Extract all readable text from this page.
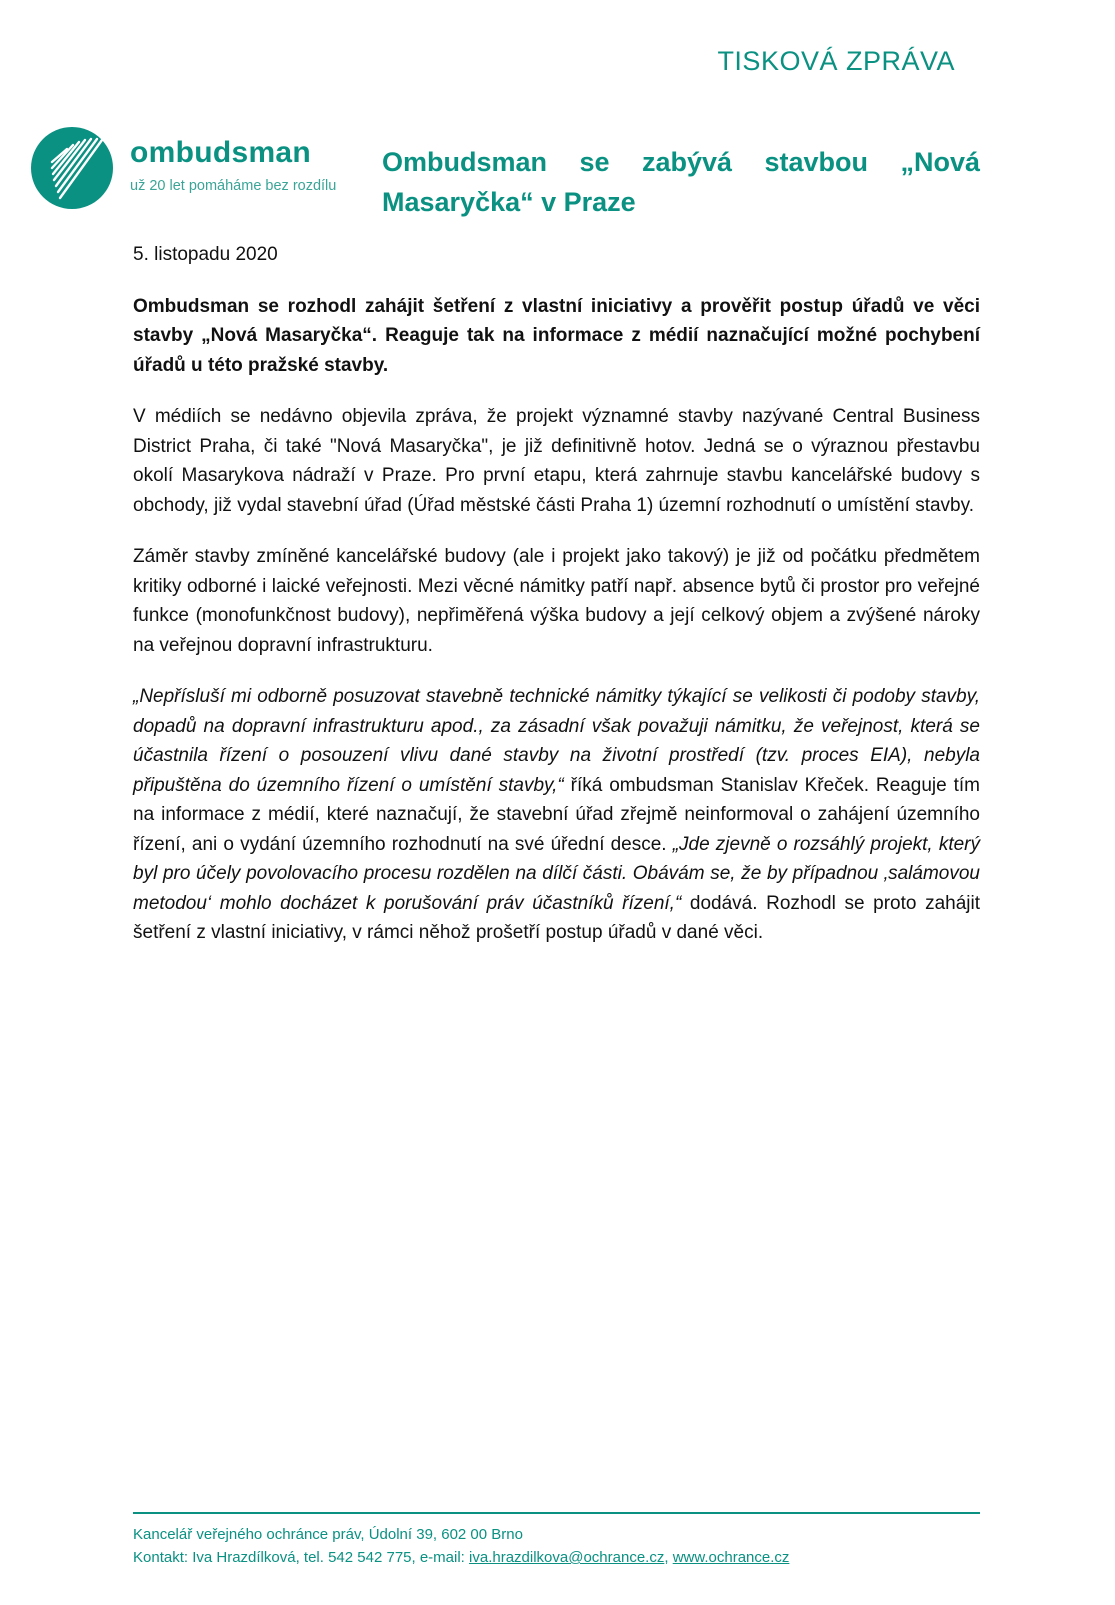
TISKOVÁ ZPRÁVA
ombudsman
už 20 let pomáháme bez rozdílu
Ombudsman se zabývá stavbou „Nová Masaryčka“ v Praze

5. listopadu 2020

Ombudsman se rozhodl zahájit šetření z vlastní iniciativy a prověřit postup úřadů ve věci stavby „Nová Masaryčka“. Reaguje tak na informace z médií naznačující možné pochybení úřadů u této pražské stavby.

V médiích se nedávno objevila zpráva, že projekt významné stavby nazývané Central Business District Praha, či také "Nová Masaryčka", je již definitivně hotov. Jedná se o výraznou přestavbu okolí Masarykova nádraží v Praze. Pro první etapu, která zahrnuje stavbu kancelářské budovy s obchody, již vydal stavební úřad (Úřad městské části Praha 1) územní rozhodnutí o umístění stavby.

Záměr stavby zmíněné kancelářské budovy (ale i projekt jako takový) je již od počátku předmětem kritiky odborné i laické veřejnosti. Mezi věcné námitky patří např. absence bytů či prostor pro veřejné funkce (monofunkčnost budovy), nepřiměřená výška budovy a její celkový objem a zvýšené nároky na veřejnou dopravní infrastrukturu.

„Nepřísluší mi odborně posuzovat stavebně technické námitky týkající se velikosti či podoby stavby, dopadů na dopravní infrastrukturu apod., za zásadní však považuji námitku, že veřejnost, která se účastnila řízení o posouzení vlivu dané stavby na životní prostředí (tzv. proces EIA), nebyla připuštěna do územního řízení o umístění stavby,“ říká ombudsman Stanislav Křeček. Reaguje tím na informace z médií, které naznačují, že stavební úřad zřejmě neinformoval o zahájení územního řízení, ani o vydání územního rozhodnutí na své úřední desce. „Jde zjevně o rozsáhlý projekt, který byl pro účely povolovacího procesu rozdělen na dílčí části. Obávám se, že by případnou ‚salámovou metodou‘ mohlo docházet k porušování práv účastníků řízení,“ dodává. Rozhodl se proto zahájit šetření z vlastní iniciativy, v rámci něhož prošetří postup úřadů v dané věci.

Kancelář veřejného ochránce práv, Údolní 39, 602 00 Brno
Kontakt: Iva Hrazdílková, tel. 542 542 775, e-mail: iva.hrazdilkova@ochrance.cz, www.ochrance.cz
